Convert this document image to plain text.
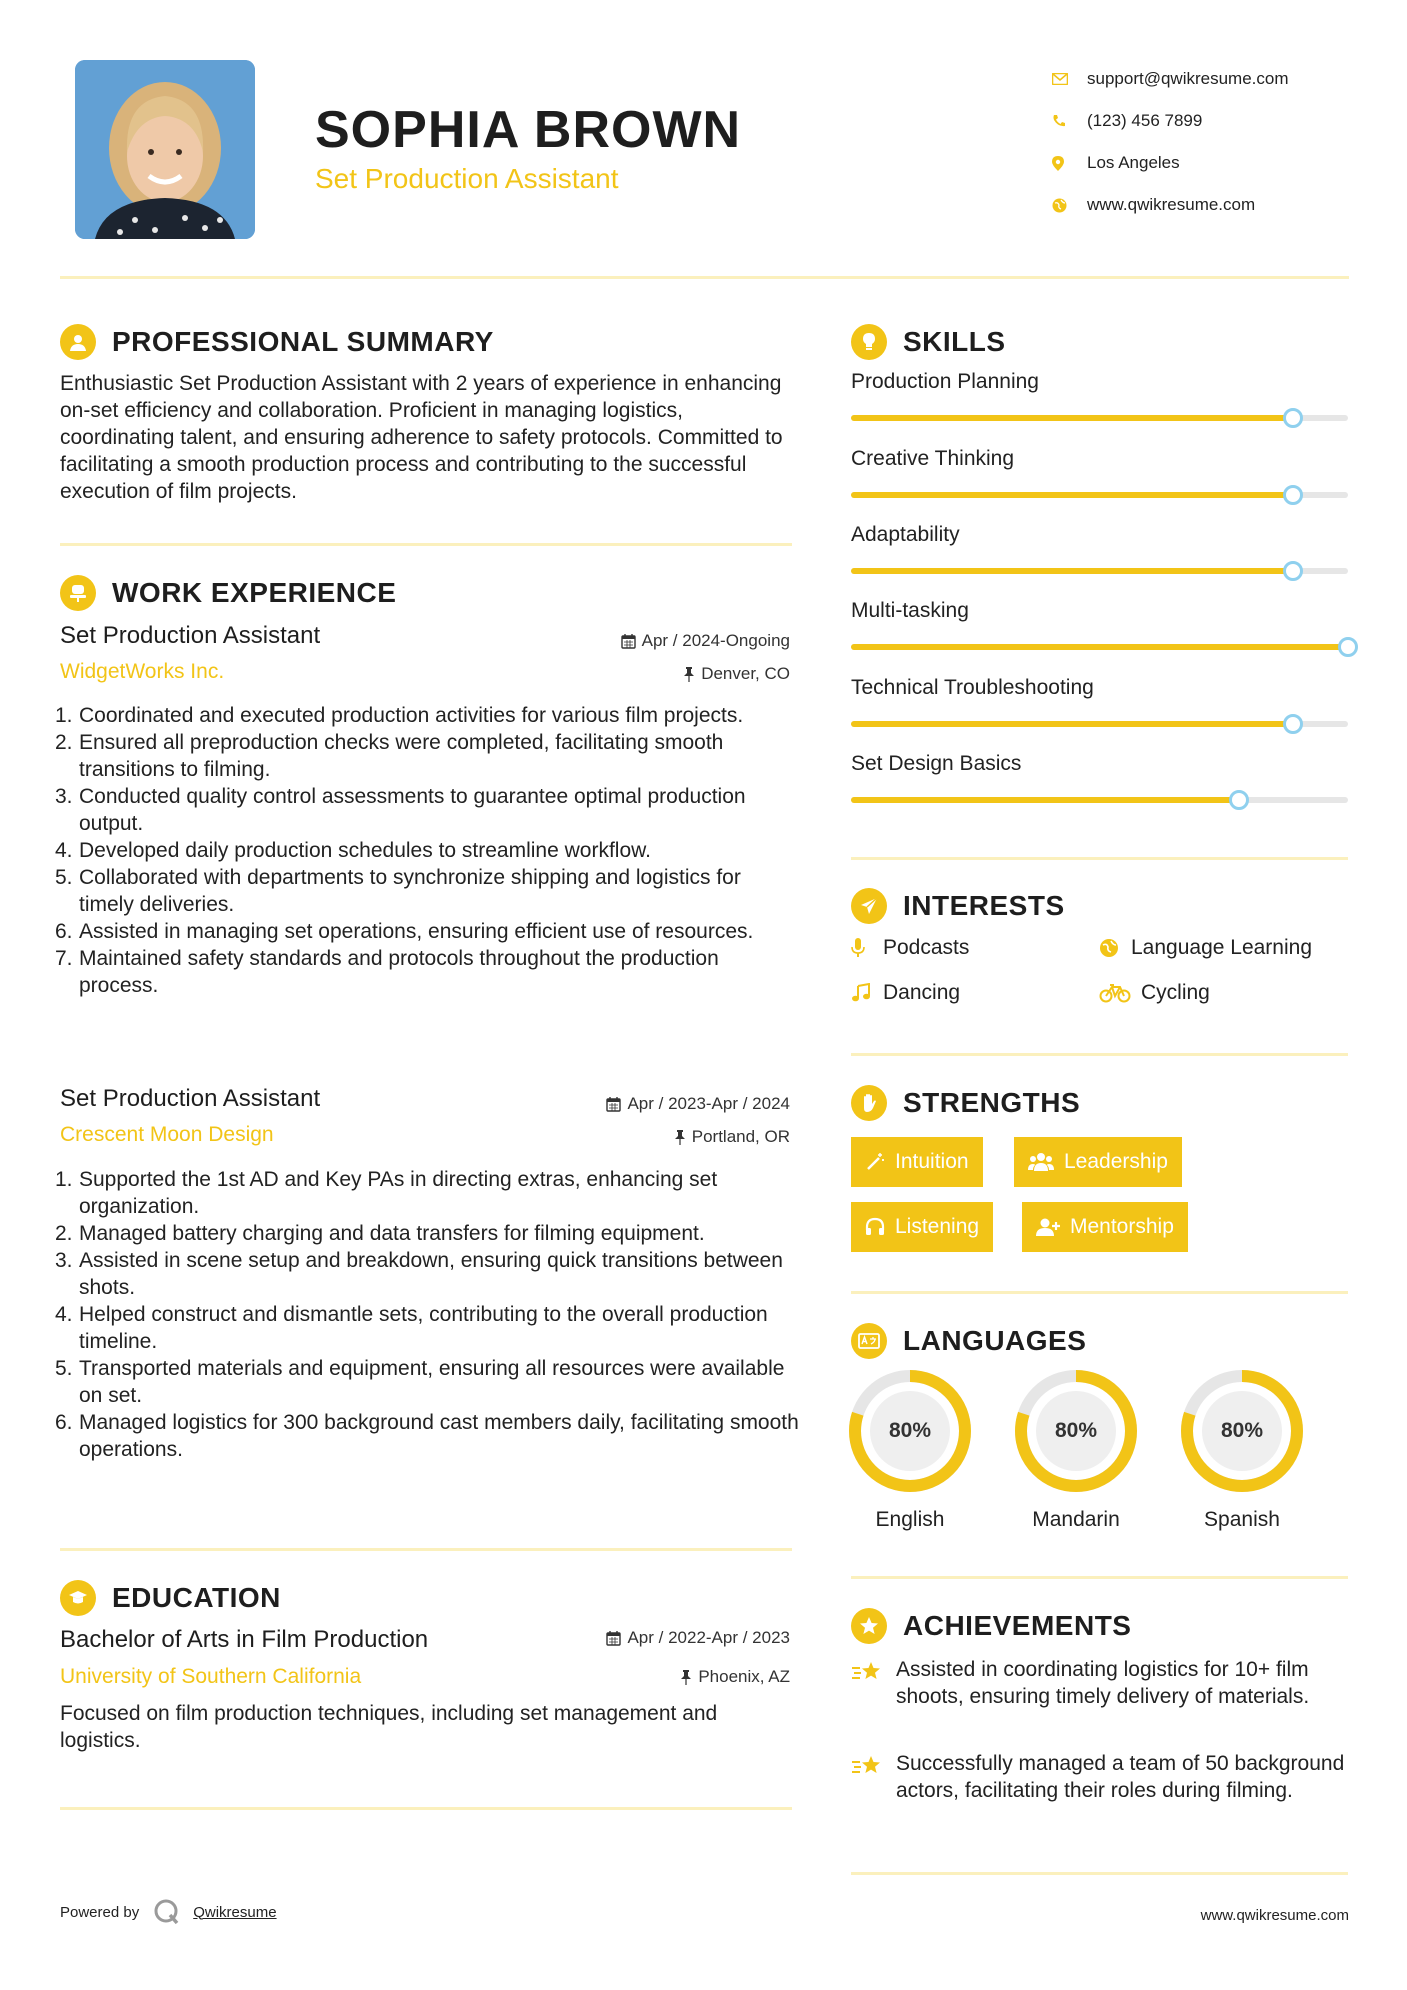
SOPHIA BROWN
Set Production Assistant
support@qwikresume.com
(123) 456 7899
Los Angeles
www.qwikresume.com
PROFESSIONAL SUMMARY
Enthusiastic Set Production Assistant with 2 years of experience in enhancing on-set efficiency and collaboration. Proficient in managing logistics, coordinating talent, and ensuring adherence to safety protocols. Committed to facilitating a smooth production process and contributing to the successful execution of film projects.
WORK EXPERIENCE
Set Production Assistant	Apr / 2024-Ongoing
WidgetWorks Inc.	Denver, CO
1. Coordinated and executed production activities for various film projects.
2. Ensured all preproduction checks were completed, facilitating smooth transitions to filming.
3. Conducted quality control assessments to guarantee optimal production output.
4. Developed daily production schedules to streamline workflow.
5. Collaborated with departments to synchronize shipping and logistics for timely deliveries.
6. Assisted in managing set operations, ensuring efficient use of resources.
7. Maintained safety standards and protocols throughout the production process.
Set Production Assistant	Apr / 2023-Apr / 2024
Crescent Moon Design	Portland, OR
1. Supported the 1st AD and Key PAs in directing extras, enhancing set organization.
2. Managed battery charging and data transfers for filming equipment.
3. Assisted in scene setup and breakdown, ensuring quick transitions between shots.
4. Helped construct and dismantle sets, contributing to the overall production timeline.
5. Transported materials and equipment, ensuring all resources were available on set.
6. Managed logistics for 300 background cast members daily, facilitating smooth operations.
EDUCATION
Bachelor of Arts in Film Production	Apr / 2022-Apr / 2023
University of Southern California	Phoenix, AZ
Focused on film production techniques, including set management and logistics.
SKILLS
Production Planning
Creative Thinking
Adaptability
Multi-tasking
Technical Troubleshooting
Set Design Basics
INTERESTS
Podcasts	Language Learning
Dancing	Cycling
STRENGTHS
Intuition	Leadership
Listening	Mentorship
LANGUAGES
80%
English
80%
Mandarin
80%
Spanish
ACHIEVEMENTS
Assisted in coordinating logistics for 10+ film shoots, ensuring timely delivery of materials.
Successfully managed a team of 50 background actors, facilitating their roles during filming.
Powered by	Qwikresume	www.qwikresume.com
